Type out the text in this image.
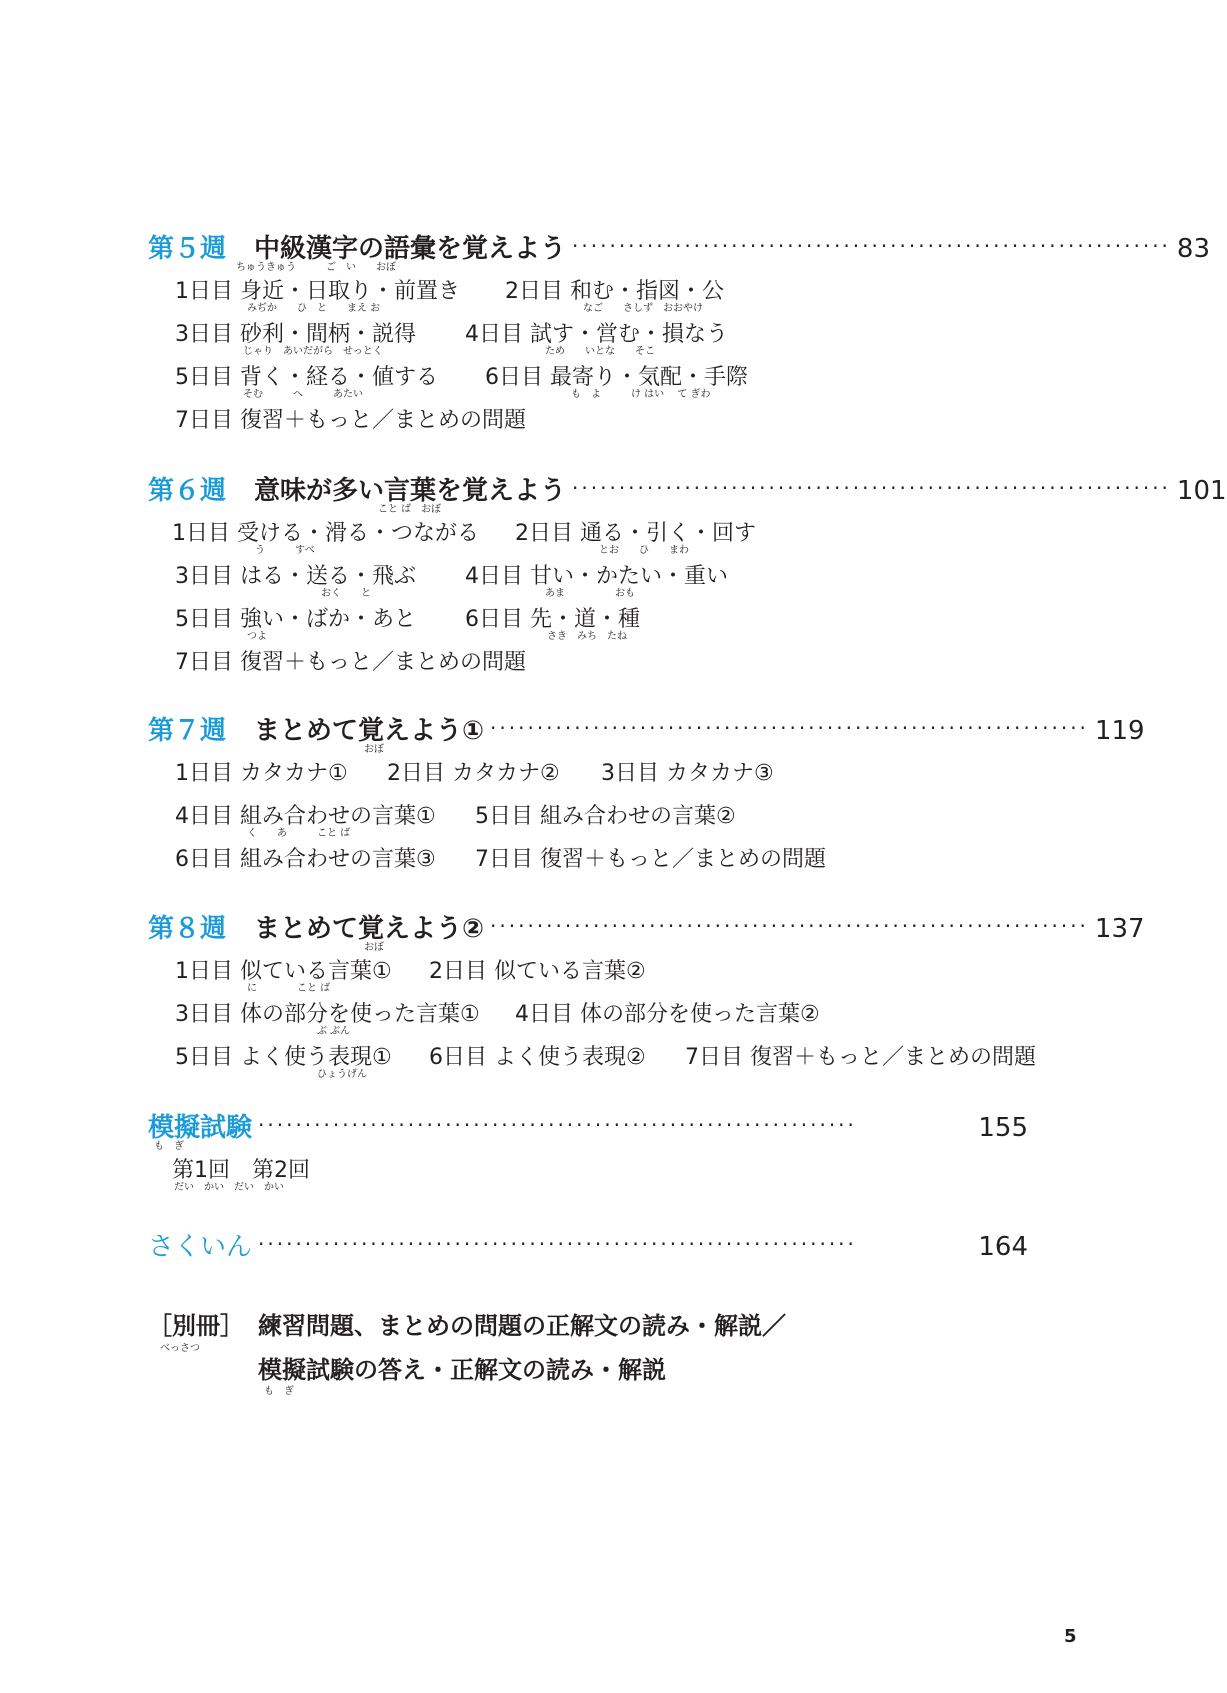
第５週 中級漢字の語彙を覚えよう ································································ 83
ちゅうきゅう　　　ご　い　　おぼ
1日目 身近・日取り・前置き
みぢか　　ひ　と　　まえ お
2日目 和む・指図・公
なご　　さしず　おおやけ
3日目 砂利・間柄・説得
じゃり　あいだがら　せっとく
4日目 試す・営む・損なう
ため　　いとな　　そこ
5日目 背く・経る・値する
そむ　　　へ　　　あたい
6日目 最寄り・気配・手際
も　よ　　　け はい　 て ぎわ
7日目 復習＋もっと／まとめの問題
第６週 意味が多い言葉を覚えよう ································································ 101
こと ば　おぼ
1日目 受ける・滑る・つながる
う　　　すべ
2日目 通る・引く・回す
とお　　ひ　　まわ
3日目 はる・送る・飛ぶ
おく　　と
4日目 甘い・かたい・重い
あま　　　　　おも
5日目 強い・ばか・あと
つよ
6日目 先・道・種
さき　みち　たね
7日目 復習＋もっと／まとめの問題
第７週 まとめて覚えよう① ································································ 119
おぼ
1日目 カタカナ① 2日目 カタカナ② 3日目 カタカナ③
4日目 組み合わせの言葉①
く　　あ　　　こと ば
5日目 組み合わせの言葉②
6日目 組み合わせの言葉③ 7日目 復習＋もっと／まとめの問題
第８週 まとめて覚えよう② ································································ 137
おぼ
1日目 似ている言葉①
に　　　　こと ば
2日目 似ている言葉②
3日目 体の部分を使った言葉①
ぶ ぶん
4日目 体の部分を使った言葉②
5日目 よく使う表現①
ひょうげん
6日目 よく使う表現② 7日目 復習＋もっと／まとめの問題
模擬試験 ································································	155
も　ぎ
第1回　第2回
だい　かい　だい　かい
さくいん ································································	164
［別冊］
べっさつ
練習問題、まとめの問題の正解文の読み・解説／
模擬試験の答え・正解文の読み・解説
も　ぎ
5
